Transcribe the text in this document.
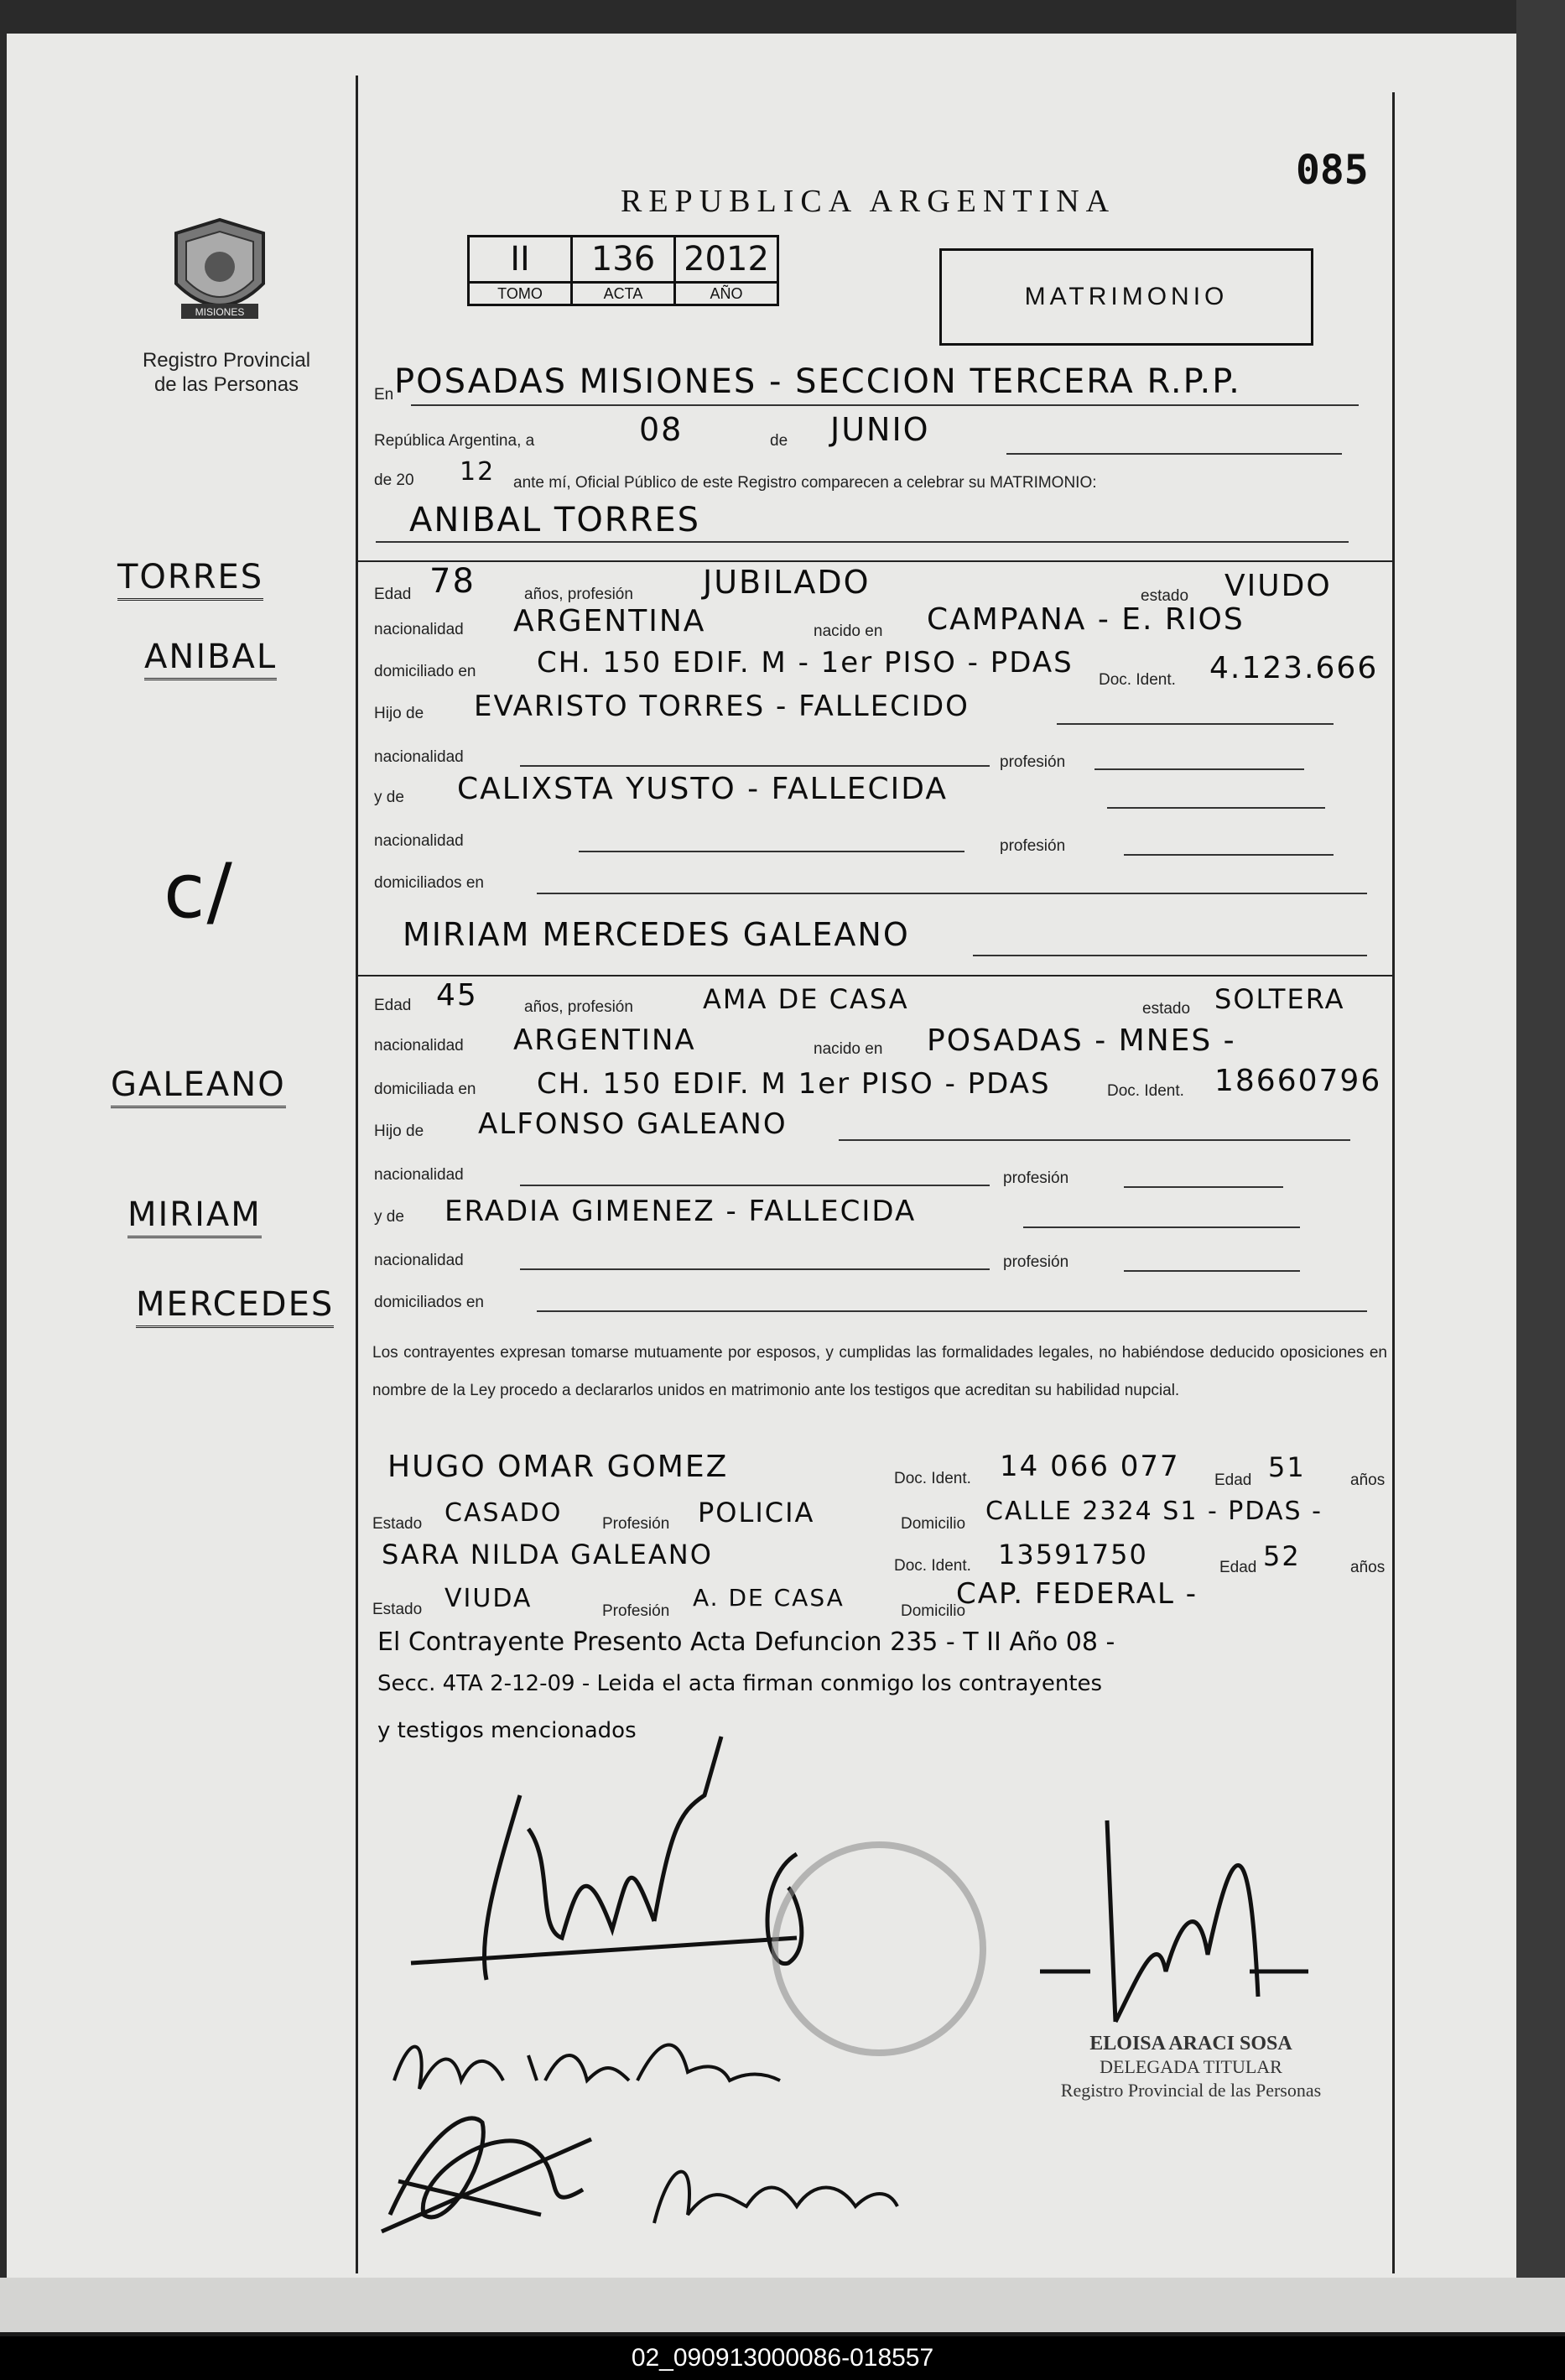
MISIONES
Registro Provincial
de las Personas
TORRES
ANIBAL
c/
GALEANO
MIRIAM
MERCEDES
085
REPUBLICA ARGENTINA
II	136	2012
TOMO	ACTA	AÑO	MATRIMONIO
En POSADAS MISIONES - SECCION TERCERA R.P.P.
República Argentina, a	08	de JUNIO
de 20 12 ante mí, Oficial Público de este Registro comparecen a celebrar su MATRIMONIO:
ANIBAL TORRES
Edad 78	años, profesión JUBILADO	estado VIUDO
nacionalidad ARGENTINA	nacido en CAMPANA - E. RIOS
domiciliado en CH. 150 EDIF. M - 1er PISO - PDAS
Doc. Ident. 4.123.666
Hijo de EVARISTO TORRES - FALLECIDO
nacionalidad	profesión
y de CALIXSTA YUSTO - FALLECIDA
nacionalidad	profesión
domiciliados en
MIRIAM MERCEDES GALEANO
Edad 45	años, profesión	AMA DE CASA	estado SOLTERA
nacionalidad ARGENTINA	nacido en POSADAS - MNES -
domiciliada en CH. 150 EDIF. M 1er PISO - PDAS	Doc. Ident. 18660796
Hijo de ALFONSO GALEANO
nacionalidad	profesión
y de ERADIA GIMENEZ - FALLECIDA
nacionalidad	profesión
domiciliados en
Los contrayentes expresan tomarse mutuamente por esposos, y cumplidas las formalidades legales, no habiéndose deducido oposiciones en nombre de la Ley procedo a declararlos unidos en matrimonio ante los testigos que acreditan su habilidad nupcial.
HUGO OMAR GOMEZ	Doc. Ident. 14 066 077 Edad 51	años
Estado CASADO	Profesión POLICIA	Domicilio CALLE 2324 S1 - PDAS -
SARA NILDA GALEANO	Doc. Ident. 13591750	Edad 52	años
Estado VIUDA	Profesión A. DE CASA	Domicilio
CAP. FEDERAL -
El Contrayente Presento Acta Defuncion 235 - T II Año 08 -
Secc. 4TA 2-12-09 - Leida el acta firman conmigo los contrayentes
y testigos mencionados
ELOISA ARACI SOSA
DELEGADA TITULAR
Registro Provincial de las Personas
02_090913000086-018557
